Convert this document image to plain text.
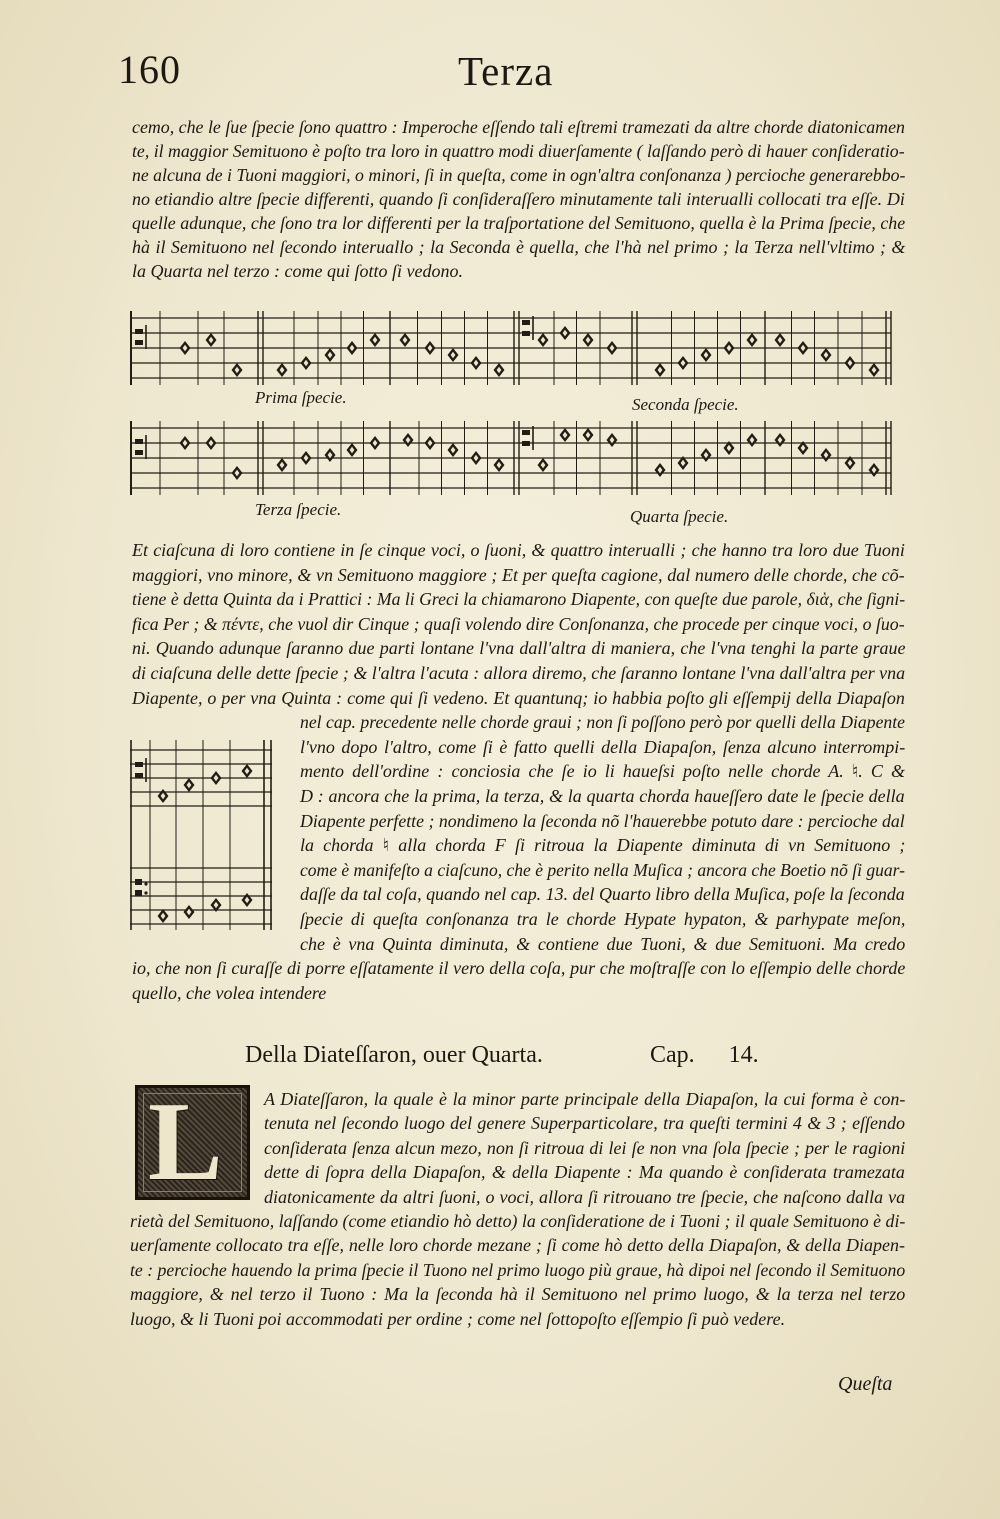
160	Terza
cemo, che le ſue ſpecie ſono quattro : Imperoche eſſendo tali eſtremi tramezati da altre chorde diatonicamen
te, il maggior Semituono è poſto tra loro in quattro modi diuerſamente ( laſſando però di hauer conſideratio-
ne alcuna de i Tuoni maggiori, o minori, ſi in queſta, come in ogn'altra conſonanza ) percioche generarebbo-
no etiandio altre ſpecie differenti, quando ſi conſideraſſero minutamente tali interualli collocati tra eſſe. Di
quelle adunque, che ſono tra lor differenti per la traſportatione del Semituono, quella è la Prima ſpecie, che
hà il Semituono nel ſecondo interuallo ; la Seconda è quella, che l'hà nel primo ; la Terza nell'vltimo ; &
la Quarta nel terzo : come qui ſotto ſi vedono.
Prima ſpecie.	Seconda ſpecie.
Terza ſpecie.	Quarta ſpecie.
Et ciaſcuna di loro contiene in ſe cinque voci, o ſuoni, & quattro interualli ; che hanno tra loro due Tuoni
maggiori, vno minore, & vn Semituono maggiore ; Et per queſta cagione, dal numero delle chorde, che cõ-
tiene è detta Quinta da i Prattici : Ma li Greci la chiamarono Diapente, con queſte due parole, διὰ, che ſigni-
fica Per ; & πέντε, che vuol dir Cinque ; quaſi volendo dire Conſonanza, che procede per cinque voci, o ſuo-
ni. Quando adunque ſaranno due parti lontane l'vna dall'altra di maniera, che l'vna tenghi la parte graue
di ciaſcuna delle dette ſpecie ; & l'altra l'acuta : allora diremo, che ſaranno lontane l'vna dall'altra per vna
Diapente, o per vna Quinta : come qui ſi vedeno. Et quantunq; io habbia poſto gli eſſempij della Diapaſon
nel cap. precedente nelle chorde graui ; non ſi poſſono però por quelli della Diapente
l'vno dopo l'altro, come ſi è fatto quelli della Diapaſon, ſenza alcuno interrompi-
mento dell'ordine : conciosia che ſe io li haueſsi poſto nelle chorde A. ♮. C &
D : ancora che la prima, la terza, & la quarta chorda haueſſero date le ſpecie della
Diapente perfette ; nondimeno la ſeconda nõ l'hauerebbe potuto dare : percioche dal
la chorda ♮ alla chorda F ſi ritroua la Diapente diminuta di vn Semituono ;
come è manifeſto a ciaſcuno, che è perito nella Muſica ; ancora che Boetio nõ ſi guar-
daſſe da tal coſa, quando nel cap. 13. del Quarto libro della Muſica, poſe la ſeconda
ſpecie di queſta conſonanza tra le chorde Hypate hypaton, & parhypate meſon,
che è vna Quinta diminuta, & contiene due Tuoni, & due Semituoni. Ma credo
io, che non ſi curaſſe di porre eſſatamente il vero della coſa, pur che moſtraſſe con lo eſſempio delle chorde
quello, che volea intendere
Della Diateſſaron, ouer Quarta.	Cap. 14.
L A Diateſſaron, la quale è la minor parte principale della Diapaſon, la cui forma è con-
tenuta nel ſecondo luogo del genere Superparticolare, tra queſti termini 4 & 3 ; eſſendo
conſiderata ſenza alcun mezo, non ſi ritroua di lei ſe non vna ſola ſpecie ; per le ragioni
dette di ſopra della Diapaſon, & della Diapente : Ma quando è conſiderata tramezata
diatonicamente da altri ſuoni, o voci, allora ſi ritrouano tre ſpecie, che naſcono dalla va
rietà del Semituono, laſſando (come etiandio hò detto) la conſideratione de i Tuoni ; il quale Semituono è di-
uerſamente collocato tra eſſe, nelle loro chorde mezane ; ſi come hò detto della Diapaſon, & della Diapen-
te : percioche hauendo la prima ſpecie il Tuono nel primo luogo più graue, hà dipoi nel ſecondo il Semituono
maggiore, & nel terzo il Tuono : Ma la ſeconda hà il Semituono nel primo luogo, & la terza nel terzo
luogo, & li Tuoni poi accommodati per ordine ; come nel ſottopoſto eſſempio ſi può vedere.
Queſta
